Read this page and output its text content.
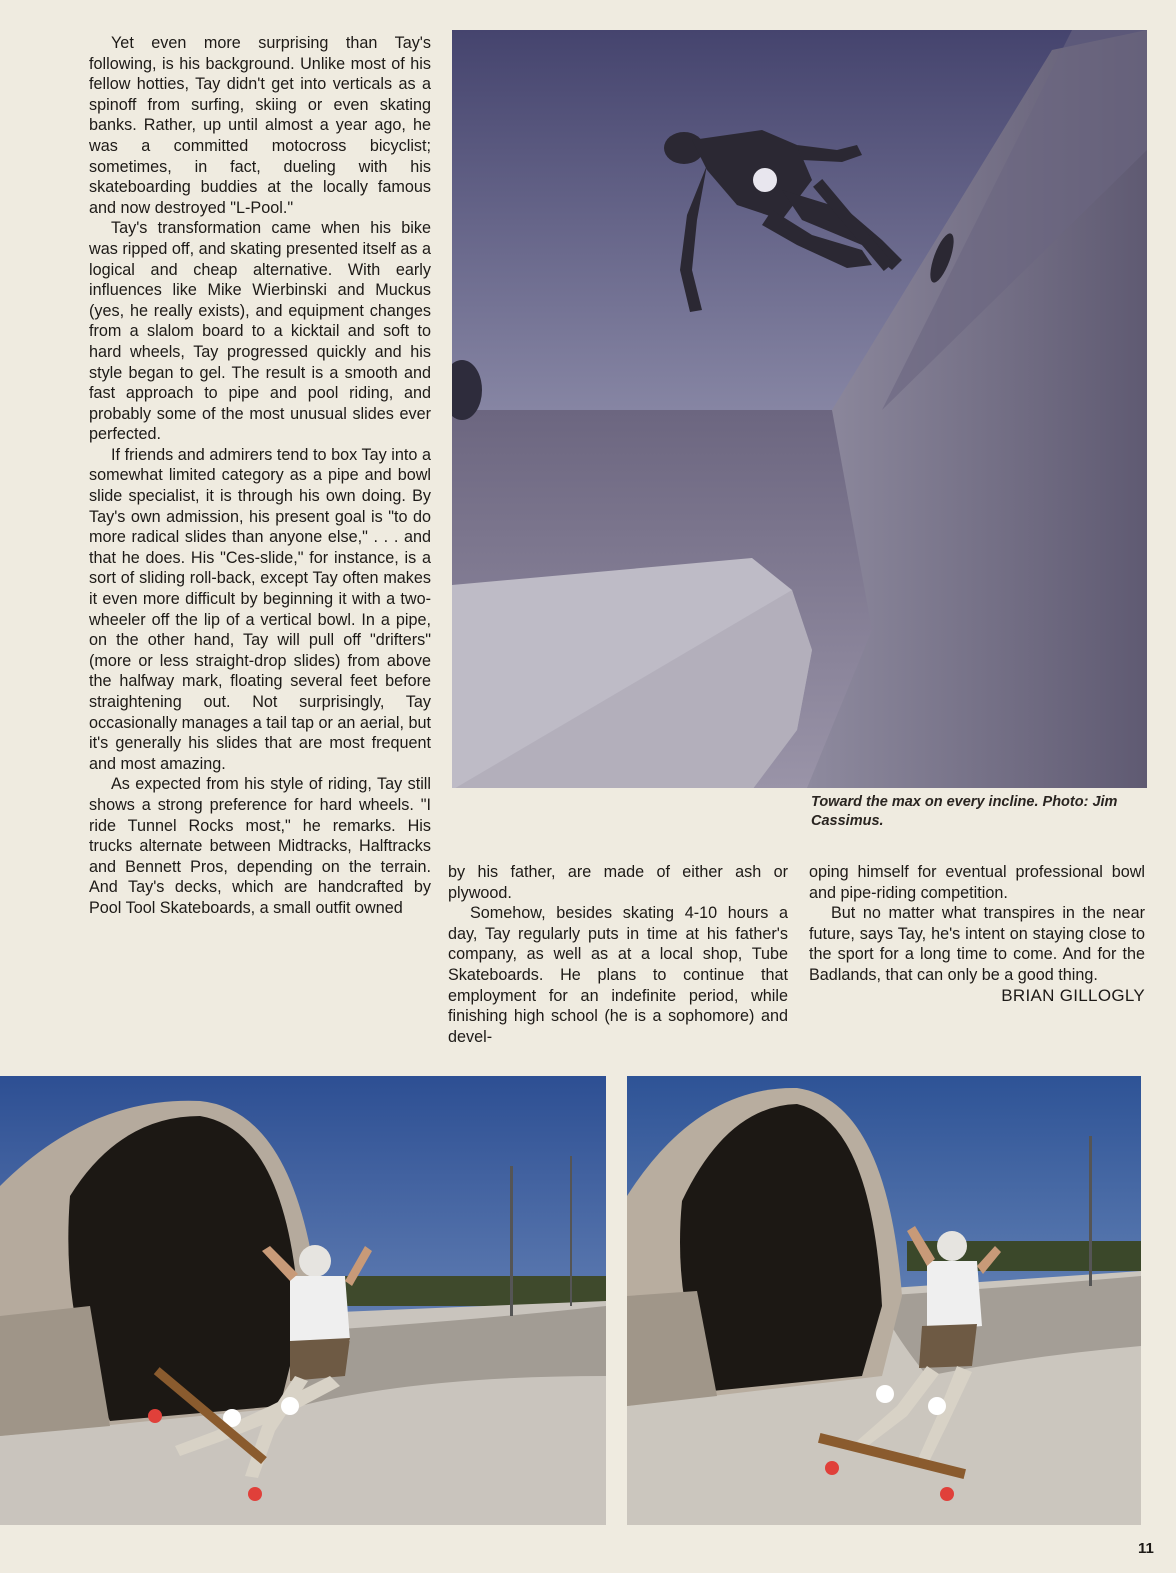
Yet even more surprising than Tay's following, is his background. Unlike most of his fellow hotties, Tay didn't get into verticals as a spinoff from surfing, skiing or even skating banks. Rather, up until almost a year ago, he was a committed motocross bicyclist; sometimes, in fact, dueling with his skateboarding buddies at the locally famous and now destroyed "L-Pool."

Tay's transformation came when his bike was ripped off, and skating presented itself as a logical and cheap alternative. With early influences like Mike Wierbinski and Muckus (yes, he really exists), and equipment changes from a slalom board to a kicktail and soft to hard wheels, Tay progressed quickly and his style began to gel. The result is a smooth and fast approach to pipe and pool riding, and probably some of the most unusual slides ever perfected.

If friends and admirers tend to box Tay into a somewhat limited category as a pipe and bowl slide specialist, it is through his own doing. By Tay's own admission, his present goal is "to do more radical slides than anyone else," . . . and that he does. His "Ces-slide," for instance, is a sort of sliding roll-back, except Tay often makes it even more difficult by beginning it with a two-wheeler off the lip of a vertical bowl. In a pipe, on the other hand, Tay will pull off "drifters" (more or less straight-drop slides) from above the halfway mark, floating several feet before straightening out. Not surprisingly, Tay occasionally manages a tail tap or an aerial, but it's generally his slides that are most frequent and most amazing.

As expected from his style of riding, Tay still shows a strong preference for hard wheels. "I ride Tunnel Rocks most," he remarks. His trucks alternate between Midtracks, Halftracks and Bennett Pros, depending on the terrain. And Tay's decks, which are handcrafted by Pool Tool Skateboards, a small outfit owned

Toward the max on every incline. Photo: Jim Cassimus.

by his father, are made of either ash or plywood.

Somehow, besides skating 4-10 hours a day, Tay regularly puts in time at his father's company, as well as at a local shop, Tube Skateboards. He plans to continue that employment for an indefinite period, while finishing high school (he is a sophomore) and devel-

oping himself for eventual professional bowl and pipe-riding competition.

But no matter what transpires in the near future, says Tay, he's intent on staying close to the sport for a long time to come. And for the Badlands, that can only be a good thing.

BRIAN GILLOGLY

11
